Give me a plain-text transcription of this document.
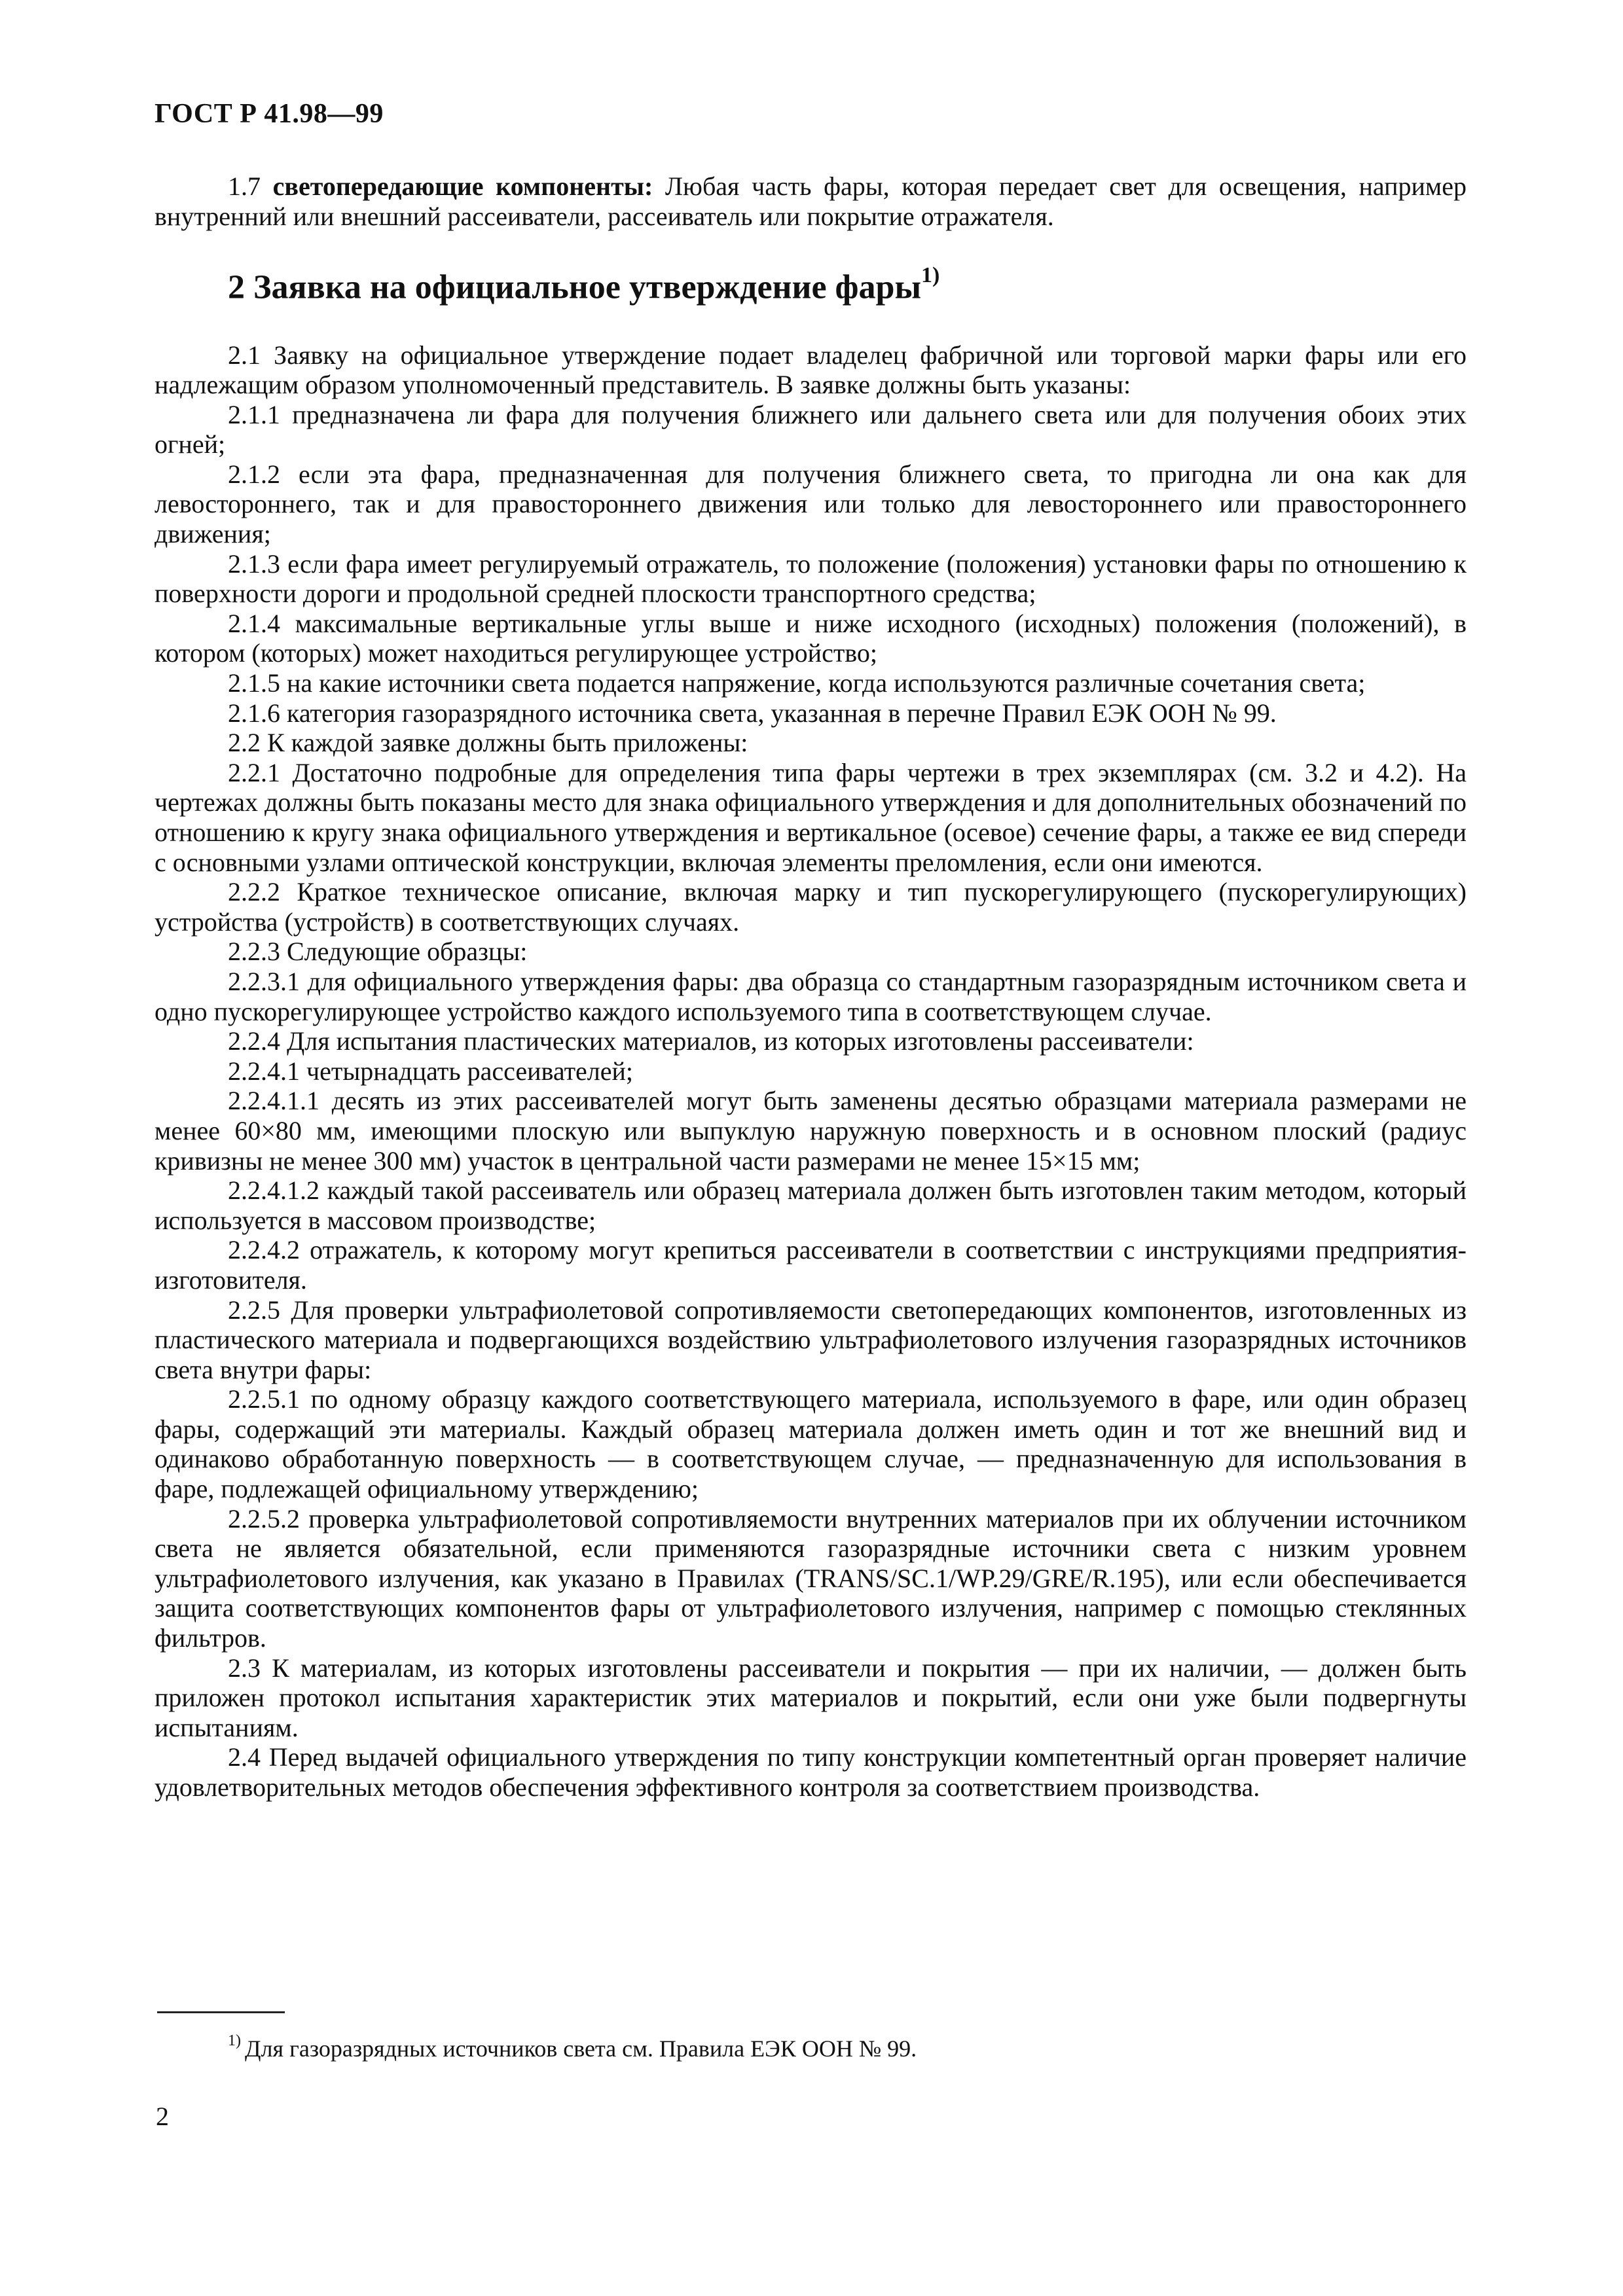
ГОСТ Р 41.98—99

1.7 светопередающие компоненты: Любая часть фары, которая передает свет для освещения, например внутренний или внешний рассеиватели, рассеиватель или покрытие отражателя.

2 Заявка на официальное утверждение фары$^{1)}$

2.1 Заявку на официальное утверждение подает владелец фабричной или торговой марки фары или его надлежащим образом уполномоченный представитель. В заявке должны быть указаны:

2.1.1 предназначена ли фара для получения ближнего или дальнего света или для получения обоих этих огней;

2.1.2 если эта фара, предназначенная для получения ближнего света, то пригодна ли она как для левостороннего, так и для правостороннего движения или только для левостороннего или правостороннего движения;

2.1.3 если фара имеет регулируемый отражатель, то положение (положения) установки фары по отношению к поверхности дороги и продольной средней плоскости транспортного средства;

2.1.4 максимальные вертикальные углы выше и ниже исходного (исходных) положения (положений), в котором (которых) может находиться регулирующее устройство;

2.1.5 на какие источники света подается напряжение, когда используются различные сочетания света;

2.1.6 категория газоразрядного источника света, указанная в перечне Правил ЕЭК ООН № 99.

2.2 К каждой заявке должны быть приложены:

2.2.1 Достаточно подробные для определения типа фары чертежи в трех экземплярах (см. 3.2 и 4.2). На чертежах должны быть показаны место для знака официального утверждения и для дополнительных обозначений по отношению к кругу знака официального утверждения и вертикальное (осевое) сечение фары, а также ее вид спереди с основными узлами оптической конструкции, включая элементы преломления, если они имеются.

2.2.2 Краткое техническое описание, включая марку и тип пускорегулирующего (пускорегулирующих) устройства (устройств) в соответствующих случаях.

2.2.3 Следующие образцы:

2.2.3.1 для официального утверждения фары: два образца со стандартным газоразрядным источником света и одно пускорегулирующее устройство каждого используемого типа в соответствующем случае.

2.2.4 Для испытания пластических материалов, из которых изготовлены рассеиватели:

2.2.4.1 четырнадцать рассеивателей;

2.2.4.1.1 десять из этих рассеивателей могут быть заменены десятью образцами материала размерами не менее 60×80 мм, имеющими плоскую или выпуклую наружную поверхность и в основном плоский (радиус кривизны не менее 300 мм) участок в центральной части размерами не менее 15×15 мм;

2.2.4.1.2 каждый такой рассеиватель или образец материала должен быть изготовлен таким методом, который используется в массовом производстве;

2.2.4.2 отражатель, к которому могут крепиться рассеиватели в соответствии с инструкциями предприятия-изготовителя.

2.2.5 Для проверки ультрафиолетовой сопротивляемости светопередающих компонентов, изготовленных из пластического материала и подвергающихся воздействию ультрафиолетового излучения газоразрядных источников света внутри фары:

2.2.5.1 по одному образцу каждого соответствующего материала, используемого в фаре, или один образец фары, содержащий эти материалы. Каждый образец материала должен иметь один и тот же внешний вид и одинаково обработанную поверхность — в соответствующем случае, — предназначенную для использования в фаре, подлежащей официальному утверждению;

2.2.5.2 проверка ультрафиолетовой сопротивляемости внутренних материалов при их облучении источником света не является обязательной, если применяются газоразрядные источники света с низким уровнем ультрафиолетового излучения, как указано в Правилах (TRANS/SC.1/WP.29/GRE/R.195), или если обеспечивается защита соответствующих компонентов фары от ультрафиолетового излучения, например с помощью стеклянных фильтров.

2.3 К материалам, из которых изготовлены рассеиватели и покрытия — при их наличии, — должен быть приложен протокол испытания характеристик этих материалов и покрытий, если они уже были подвергнуты испытаниям.

2.4 Перед выдачей официального утверждения по типу конструкции компетентный орган проверяет наличие удовлетворительных методов обеспечения эффективного контроля за соответствием производства.

$^{1)}$ Для газоразрядных источников света см. Правила ЕЭК ООН № 99.
2
